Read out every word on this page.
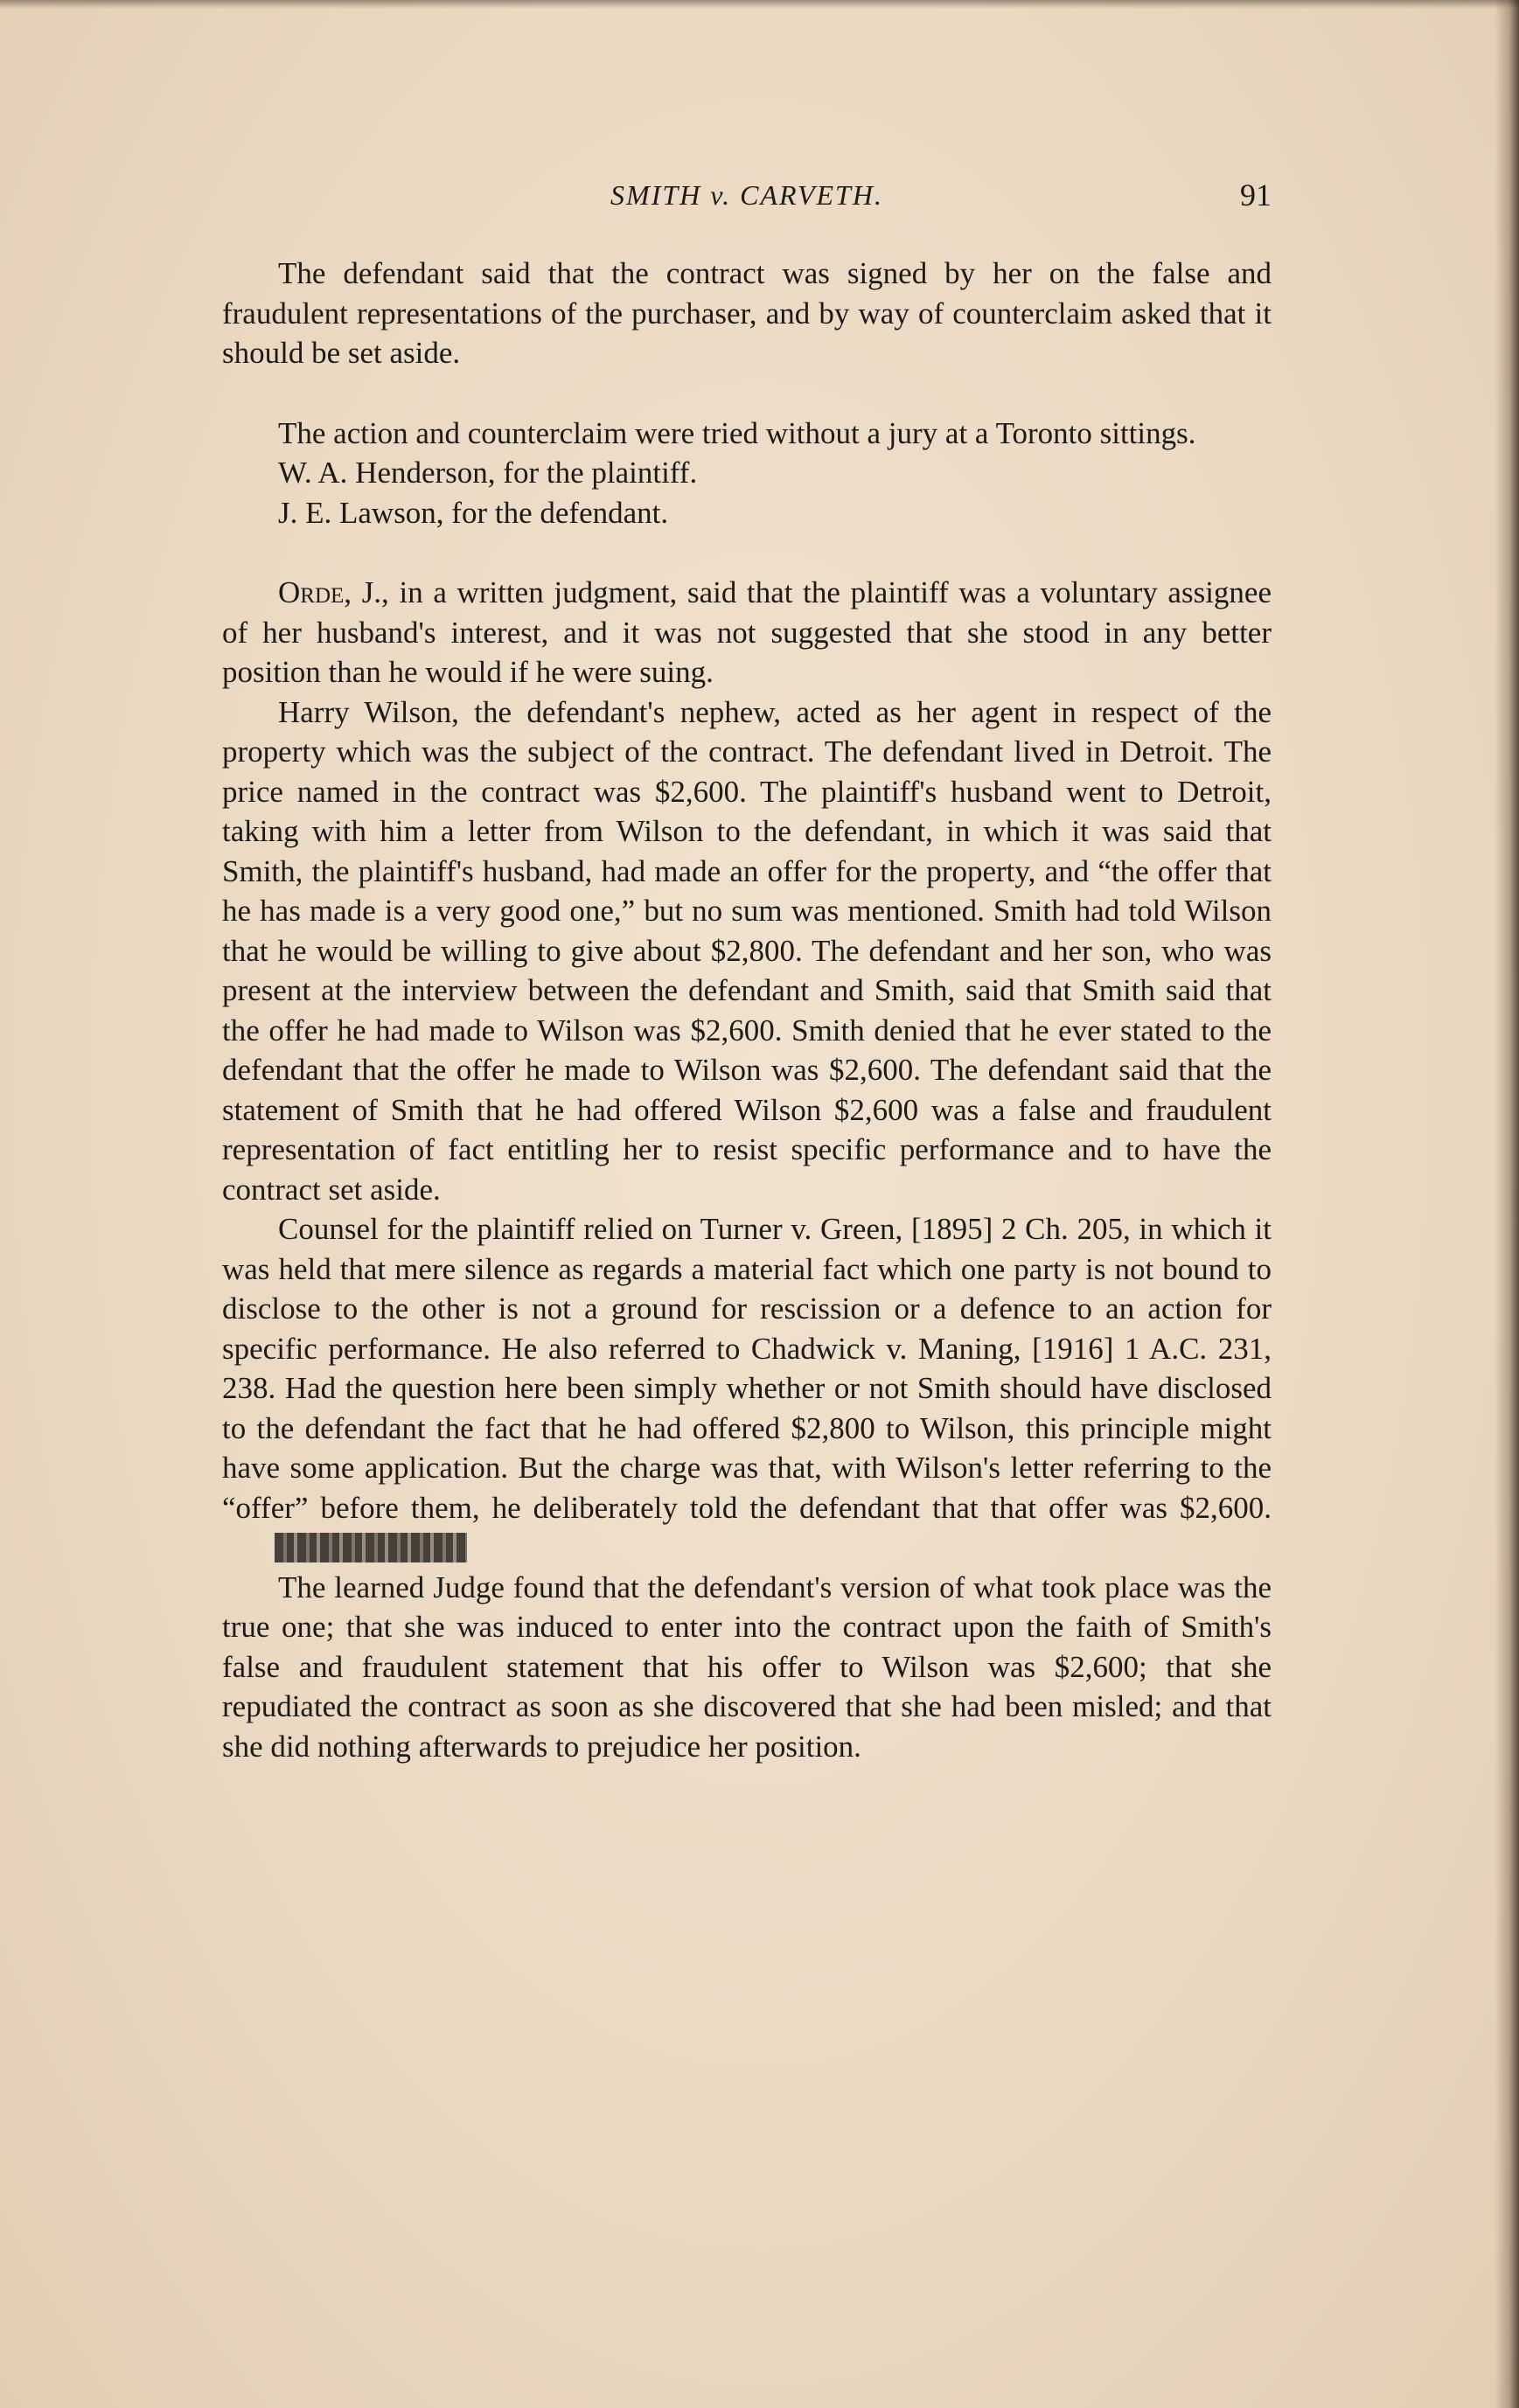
SMITH v. CARVETH.	91

The defendant said that the contract was signed by her on the false and fraudulent representations of the purchaser, and by way of counterclaim asked that it should be set aside.

The action and counterclaim were tried without a jury at a Toronto sittings.

W. A. Henderson, for the plaintiff.

J. E. Lawson, for the defendant.

Orde, J., in a written judgment, said that the plaintiff was a voluntary assignee of her husband's interest, and it was not suggested that she stood in any better position than he would if he were suing.

Harry Wilson, the defendant's nephew, acted as her agent in respect of the property which was the subject of the contract. The defendant lived in Detroit. The price named in the contract was $2,600. The plaintiff's husband went to Detroit, taking with him a letter from Wilson to the defendant, in which it was said that Smith, the plaintiff's husband, had made an offer for the property, and “the offer that he has made is a very good one,” but no sum was mentioned. Smith had told Wilson that he would be willing to give about $2,800. The defendant and her son, who was present at the interview between the defendant and Smith, said that Smith said that the offer he had made to Wilson was $2,600. Smith denied that he ever stated to the defendant that the offer he made to Wilson was $2,600. The defendant said that the statement of Smith that he had offered Wilson $2,600 was a false and fraudulent representation of fact entitling her to resist specific performance and to have the contract set aside.

Counsel for the plaintiff relied on Turner v. Green, [1895] 2 Ch. 205, in which it was held that mere silence as regards a material fact which one party is not bound to disclose to the other is not a ground for rescission or a defence to an action for specific performance. He also referred to Chadwick v. Maning, [1916] 1 A.C. 231, 238. Had the question here been simply whether or not Smith should have disclosed to the defendant the fact that he had offered $2,800 to Wilson, this principle might have some application. But the charge was that, with Wilson's letter referring to the “offer” before them, he deliberately told the defendant that that offer was $2,600.

The learned Judge found that the defendant's version of what took place was the true one; that she was induced to enter into the contract upon the faith of Smith's false and fraudulent statement that his offer to Wilson was $2,600; that she repudiated the contract as soon as she discovered that she had been misled; and that she did nothing afterwards to prejudice her position.
